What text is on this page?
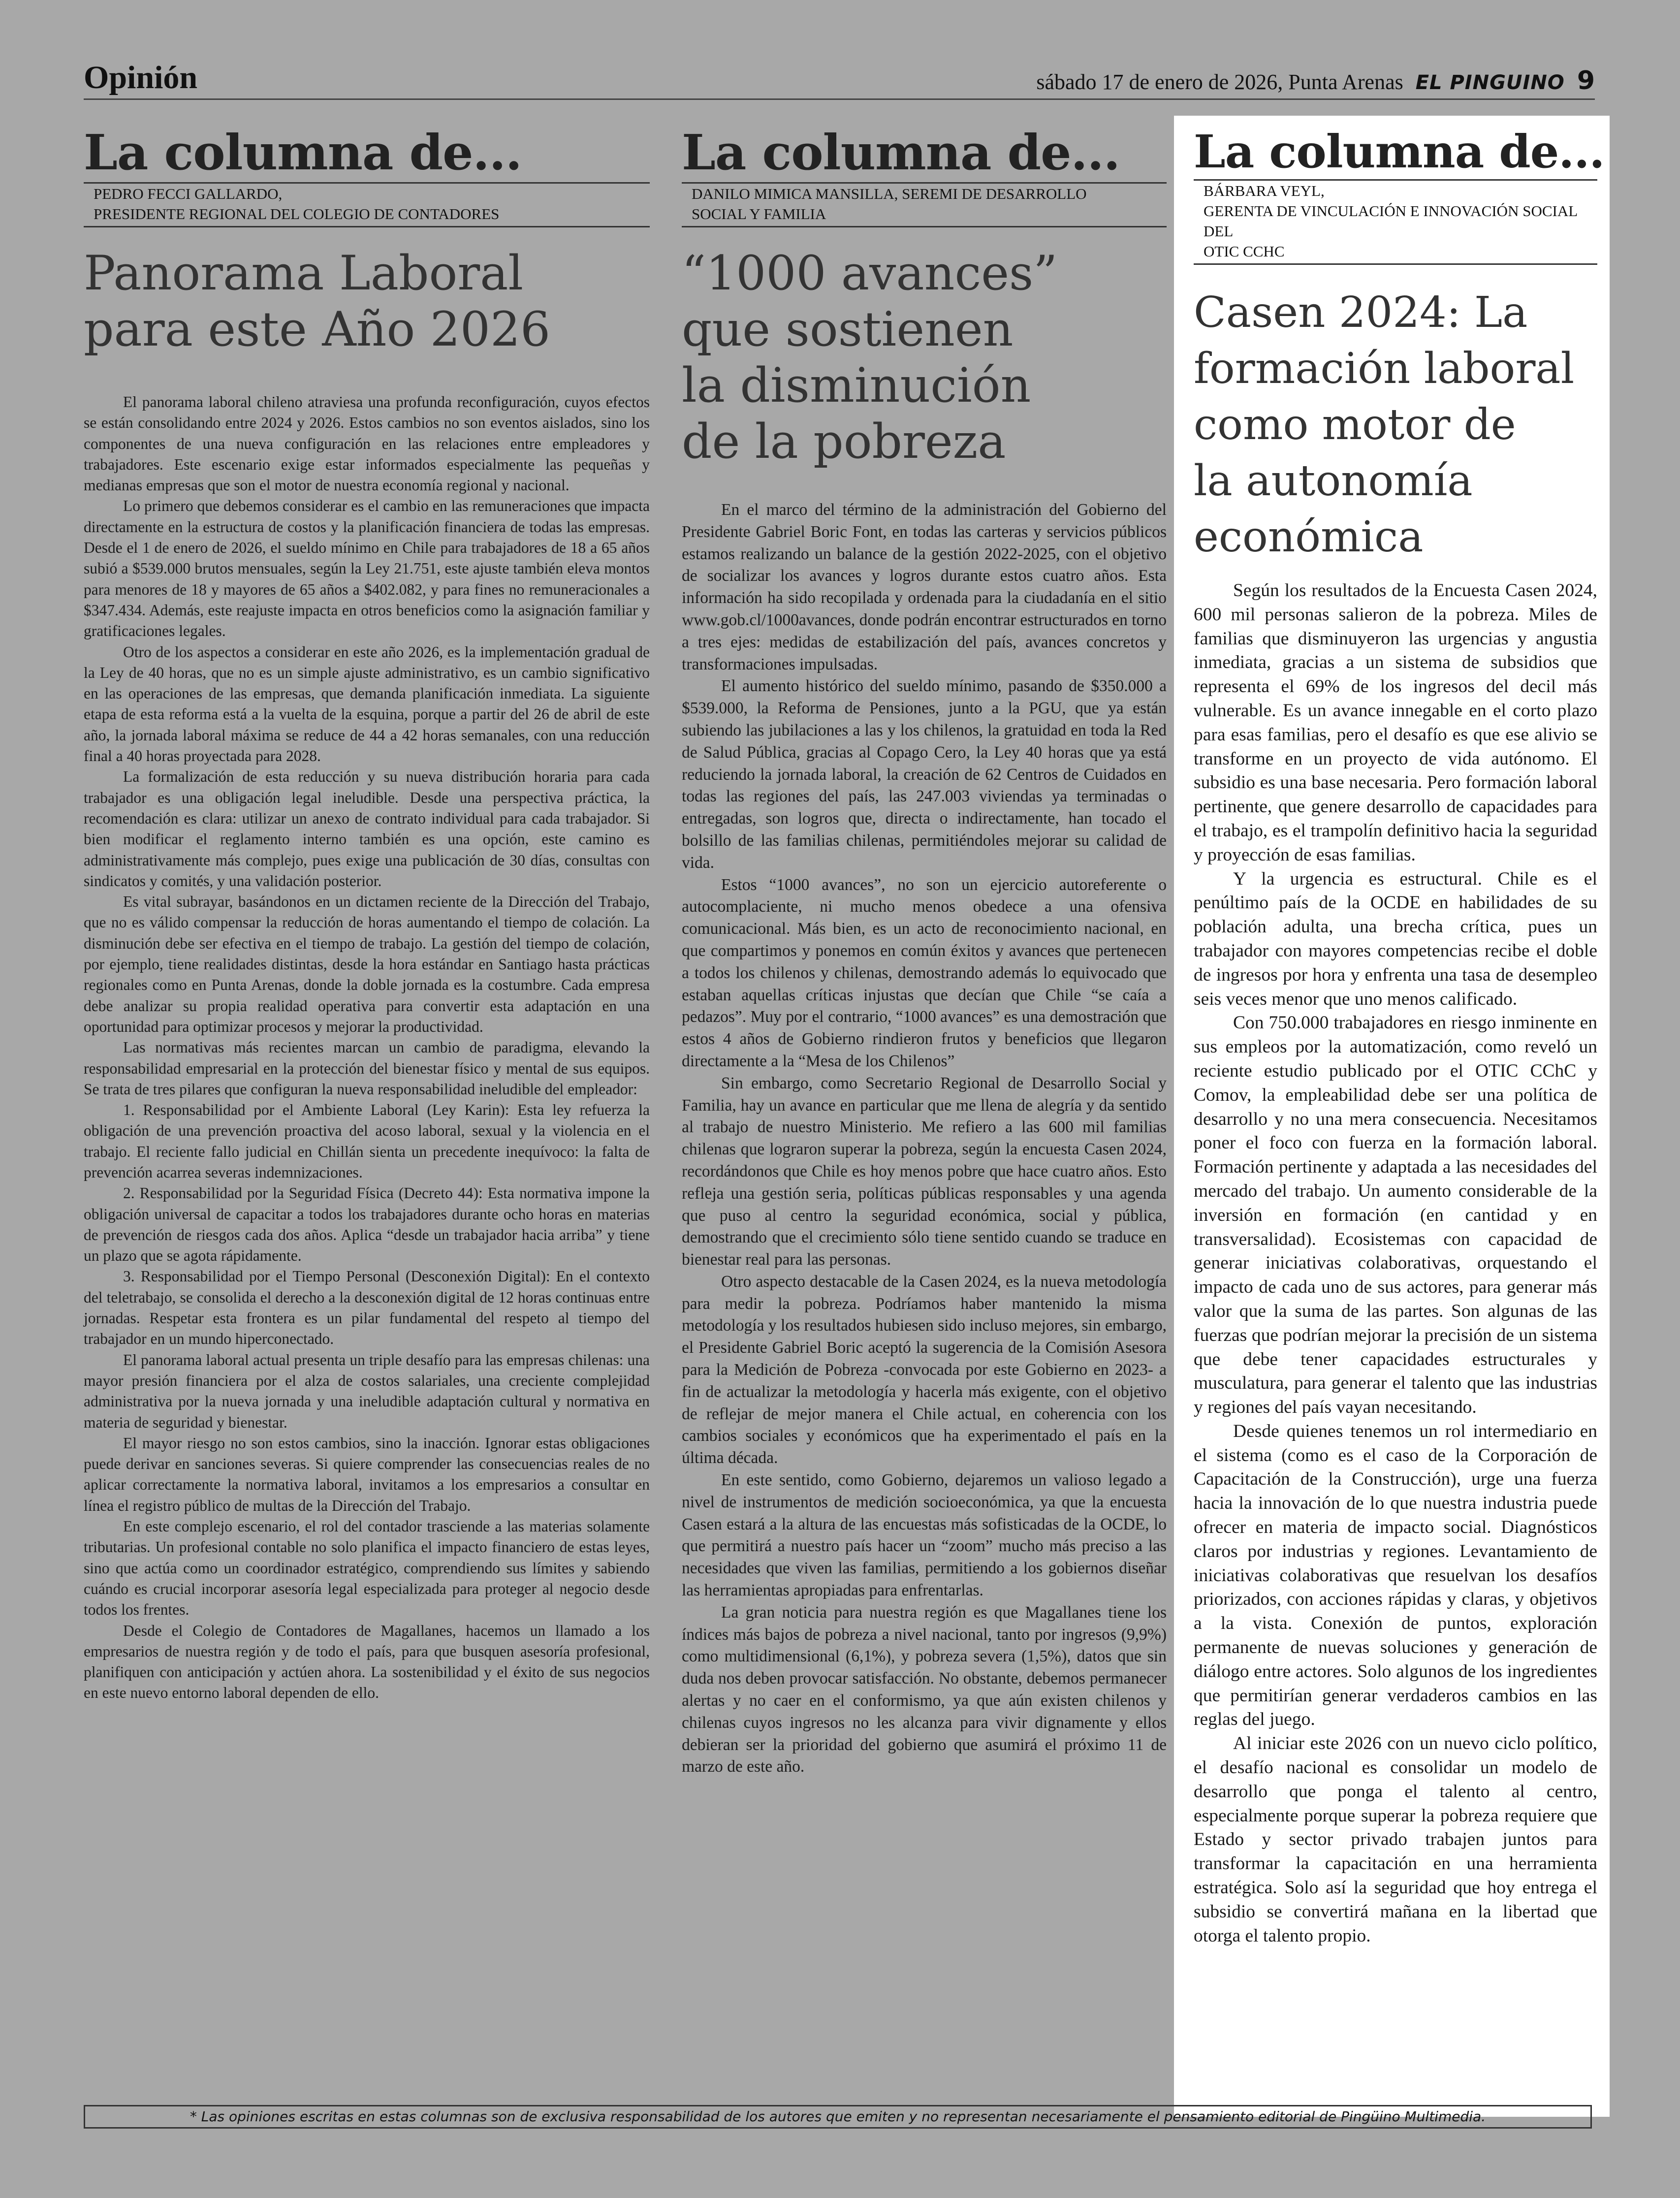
Opinión	sábado 17 de enero de 2026, Punta Arenas EL PINGUINO 9
La columna de...
PEDRO FECCI GALLARDO,
PRESIDENTE REGIONAL DEL COLEGIO DE CONTADORES
Panorama Laboral
para este Año 2026

El panorama laboral chileno atraviesa una profunda reconfiguración, cuyos efectos se están consolidando entre 2024 y 2026. Estos cambios no son eventos aislados, sino los componentes de una nueva configuración en las relaciones entre empleadores y trabajadores. Este escenario exige estar informados especialmente las pequeñas y medianas empresas que son el motor de nuestra economía regional y nacional.

Lo primero que debemos considerar es el cambio en las remuneraciones que impacta directamente en la estructura de costos y la planificación financiera de todas las empresas. Desde el 1 de enero de 2026, el sueldo mínimo en Chile para trabajadores de 18 a 65 años subió a $539.000 brutos mensuales, según la Ley 21.751, este ajuste también eleva montos para menores de 18 y mayores de 65 años a $402.082, y para fines no remuneracionales a $347.434. Además, este reajuste impacta en otros beneficios como la asignación familiar y gratificaciones legales.

Otro de los aspectos a considerar en este año 2026, es la implementación gradual de la Ley de 40 horas, que no es un simple ajuste administrativo, es un cambio significativo en las operaciones de las empresas, que demanda planificación inmediata. La siguiente etapa de esta reforma está a la vuelta de la esquina, porque a partir del 26 de abril de este año, la jornada laboral máxima se reduce de 44 a 42 horas semanales, con una reducción final a 40 horas proyectada para 2028.

La formalización de esta reducción y su nueva distribución horaria para cada trabajador es una obligación legal ineludible. Desde una perspectiva práctica, la recomendación es clara: utilizar un anexo de contrato individual para cada trabajador. Si bien modificar el reglamento interno también es una opción, este camino es administrativamente más complejo, pues exige una publicación de 30 días, consultas con sindicatos y comités, y una validación posterior.

Es vital subrayar, basándonos en un dictamen reciente de la Dirección del Trabajo, que no es válido compensar la reducción de horas aumentando el tiempo de colación. La disminución debe ser efectiva en el tiempo de trabajo. La gestión del tiempo de colación, por ejemplo, tiene realidades distintas, desde la hora estándar en Santiago hasta prácticas regionales como en Punta Arenas, donde la doble jornada es la costumbre. Cada empresa debe analizar su propia realidad operativa para convertir esta adaptación en una oportunidad para optimizar procesos y mejorar la productividad.

Las normativas más recientes marcan un cambio de paradigma, elevando la responsabilidad empresarial en la protección del bienestar físico y mental de sus equipos. Se trata de tres pilares que configuran la nueva responsabilidad ineludible del empleador:

1. Responsabilidad por el Ambiente Laboral (Ley Karin): Esta ley refuerza la obligación de una prevención proactiva del acoso laboral, sexual y la violencia en el trabajo. El reciente fallo judicial en Chillán sienta un precedente inequívoco: la falta de prevención acarrea severas indemnizaciones.

2. Responsabilidad por la Seguridad Física (Decreto 44): Esta normativa impone la obligación universal de capacitar a todos los trabajadores durante ocho horas en materias de prevención de riesgos cada dos años. Aplica “desde un trabajador hacia arriba” y tiene un plazo que se agota rápidamente.

3. Responsabilidad por el Tiempo Personal (Desconexión Digital): En el contexto del teletrabajo, se consolida el derecho a la desconexión digital de 12 horas continuas entre jornadas. Respetar esta frontera es un pilar fundamental del respeto al tiempo del trabajador en un mundo hiperconectado.

El panorama laboral actual presenta un triple desafío para las empresas chilenas: una mayor presión financiera por el alza de costos salariales, una creciente complejidad administrativa por la nueva jornada y una ineludible adaptación cultural y normativa en materia de seguridad y bienestar.

El mayor riesgo no son estos cambios, sino la inacción. Ignorar estas obligaciones puede derivar en sanciones severas. Si quiere comprender las consecuencias reales de no aplicar correctamente la normativa laboral, invitamos a los empresarios a consultar en línea el registro público de multas de la Dirección del Trabajo.

En este complejo escenario, el rol del contador trasciende a las materias solamente tributarias. Un profesional contable no solo planifica el impacto financiero de estas leyes, sino que actúa como un coordinador estratégico, comprendiendo sus límites y sabiendo cuándo es crucial incorporar asesoría legal especializada para proteger al negocio desde todos los frentes.

Desde el Colegio de Contadores de Magallanes, hacemos un llamado a los empresarios de nuestra región y de todo el país, para que busquen asesoría profesional, planifiquen con anticipación y actúen ahora. La sostenibilidad y el éxito de sus negocios en este nuevo entorno laboral dependen de ello.

La columna de...
DANILO MIMICA MANSILLA, SEREMI DE DESARROLLO
SOCIAL Y FAMILIA
“1000 avances”
que sostienen
la disminución
de la pobreza

En el marco del término de la administración del Gobierno del Presidente Gabriel Boric Font, en todas las carteras y servicios públicos estamos realizando un balance de la gestión 2022-2025, con el objetivo de socializar los avances y logros durante estos cuatro años. Esta información ha sido recopilada y ordenada para la ciudadanía en el sitio www.gob.cl/1000avances, donde podrán encontrar estructurados en torno a tres ejes: medidas de estabilización del país, avances concretos y transformaciones impulsadas.

El aumento histórico del sueldo mínimo, pasando de $350.000 a $539.000, la Reforma de Pensiones, junto a la PGU, que ya están subiendo las jubilaciones a las y los chilenos, la gratuidad en toda la Red de Salud Pública, gracias al Copago Cero, la Ley 40 horas que ya está reduciendo la jornada laboral, la creación de 62 Centros de Cuidados en todas las regiones del país, las 247.003 viviendas ya terminadas o entregadas, son logros que, directa o indirectamente, han tocado el bolsillo de las familias chilenas, permitiéndoles mejorar su calidad de vida.

Estos “1000 avances”, no son un ejercicio autoreferente o autocomplaciente, ni mucho menos obedece a una ofensiva comunicacional. Más bien, es un acto de reconocimiento nacional, en que compartimos y ponemos en común éxitos y avances que pertenecen a todos los chilenos y chilenas, demostrando además lo equivocado que estaban aquellas críticas injustas que decían que Chile “se caía a pedazos”. Muy por el contrario, “1000 avances” es una demostración que estos 4 años de Gobierno rindieron frutos y beneficios que llegaron directamente a la “Mesa de los Chilenos”

Sin embargo, como Secretario Regional de Desarrollo Social y Familia, hay un avance en particular que me llena de alegría y da sentido al trabajo de nuestro Ministerio. Me refiero a las 600 mil familias chilenas que lograron superar la pobreza, según la encuesta Casen 2024, recordándonos que Chile es hoy menos pobre que hace cuatro años. Esto refleja una gestión seria, políticas públicas responsables y una agenda que puso al centro la seguridad económica, social y pública, demostrando que el crecimiento sólo tiene sentido cuando se traduce en bienestar real para las personas.

Otro aspecto destacable de la Casen 2024, es la nueva metodología para medir la pobreza. Podríamos haber mantenido la misma metodología y los resultados hubiesen sido incluso mejores, sin embargo, el Presidente Gabriel Boric aceptó la sugerencia de la Comisión Asesora para la Medición de Pobreza -convocada por este Gobierno en 2023- a fin de actualizar la metodología y hacerla más exigente, con el objetivo de reflejar de mejor manera el Chile actual, en coherencia con los cambios sociales y económicos que ha experimentado el país en la última década.

En este sentido, como Gobierno, dejaremos un valioso legado a nivel de instrumentos de medición socioeconómica, ya que la encuesta Casen estará a la altura de las encuestas más sofisticadas de la OCDE, lo que permitirá a nuestro país hacer un “zoom” mucho más preciso a las necesidades que viven las familias, permitiendo a los gobiernos diseñar las herramientas apropiadas para enfrentarlas.

La gran noticia para nuestra región es que Magallanes tiene los índices más bajos de pobreza a nivel nacional, tanto por ingresos (9,9%) como multidimensional (6,1%), y pobreza severa (1,5%), datos que sin duda nos deben provocar satisfacción. No obstante, debemos permanecer alertas y no caer en el conformismo, ya que aún existen chilenos y chilenas cuyos ingresos no les alcanza para vivir dignamente y ellos debieran ser la prioridad del gobierno que asumirá el próximo 11 de marzo de este año.

La columna de...
BÁRBARA VEYL,
GERENTA DE VINCULACIÓN E INNOVACIÓN SOCIAL DEL
OTIC CCHC
Casen 2024: La
formación laboral
como motor de
la autonomía
económica

Según los resultados de la Encuesta Casen 2024, 600 mil personas salieron de la pobreza. Miles de familias que disminuyeron las urgencias y angustia inmediata, gracias a un sistema de subsidios que representa el 69% de los ingresos del decil más vulnerable. Es un avance innegable en el corto plazo para esas familias, pero el desafío es que ese alivio se transforme en un proyecto de vida autónomo. El subsidio es una base necesaria. Pero formación laboral pertinente, que genere desarrollo de capacidades para el trabajo, es el trampolín definitivo hacia la seguridad y proyección de esas familias.

Y la urgencia es estructural. Chile es el penúltimo país de la OCDE en habilidades de su población adulta, una brecha crítica, pues un trabajador con mayores competencias recibe el doble de ingresos por hora y enfrenta una tasa de desempleo seis veces menor que uno menos calificado.

Con 750.000 trabajadores en riesgo inminente en sus empleos por la automatización, como reveló un reciente estudio publicado por el OTIC CChC y Comov, la empleabilidad debe ser una política de desarrollo y no una mera consecuencia. Necesitamos poner el foco con fuerza en la formación laboral. Formación pertinente y adaptada a las necesidades del mercado del trabajo. Un aumento considerable de la inversión en formación (en cantidad y en transversalidad). Ecosistemas con capacidad de generar iniciativas colaborativas, orquestando el impacto de cada uno de sus actores, para generar más valor que la suma de las partes. Son algunas de las fuerzas que podrían mejorar la precisión de un sistema que debe tener capacidades estructurales y musculatura, para generar el talento que las industrias y regiones del país vayan necesitando.

Desde quienes tenemos un rol intermediario en el sistema (como es el caso de la Corporación de Capacitación de la Construcción), urge una fuerza hacia la innovación de lo que nuestra industria puede ofrecer en materia de impacto social. Diagnósticos claros por industrias y regiones. Levantamiento de iniciativas colaborativas que resuelvan los desafíos priorizados, con acciones rápidas y claras, y objetivos a la vista. Conexión de puntos, exploración permanente de nuevas soluciones y generación de diálogo entre actores. Solo algunos de los ingredientes que permitirían generar verdaderos cambios en las reglas del juego.

Al iniciar este 2026 con un nuevo ciclo político, el desafío nacional es consolidar un modelo de desarrollo que ponga el talento al centro, especialmente porque superar la pobreza requiere que Estado y sector privado trabajen juntos para transformar la capacitación en una herramienta estratégica. Solo así la seguridad que hoy entrega el subsidio se convertirá mañana en la libertad que otorga el talento propio.

* Las opiniones escritas en estas columnas son de exclusiva responsabilidad de los autores que emiten y no representan necesariamente el pensamiento editorial de Pingüino Multimedia.
